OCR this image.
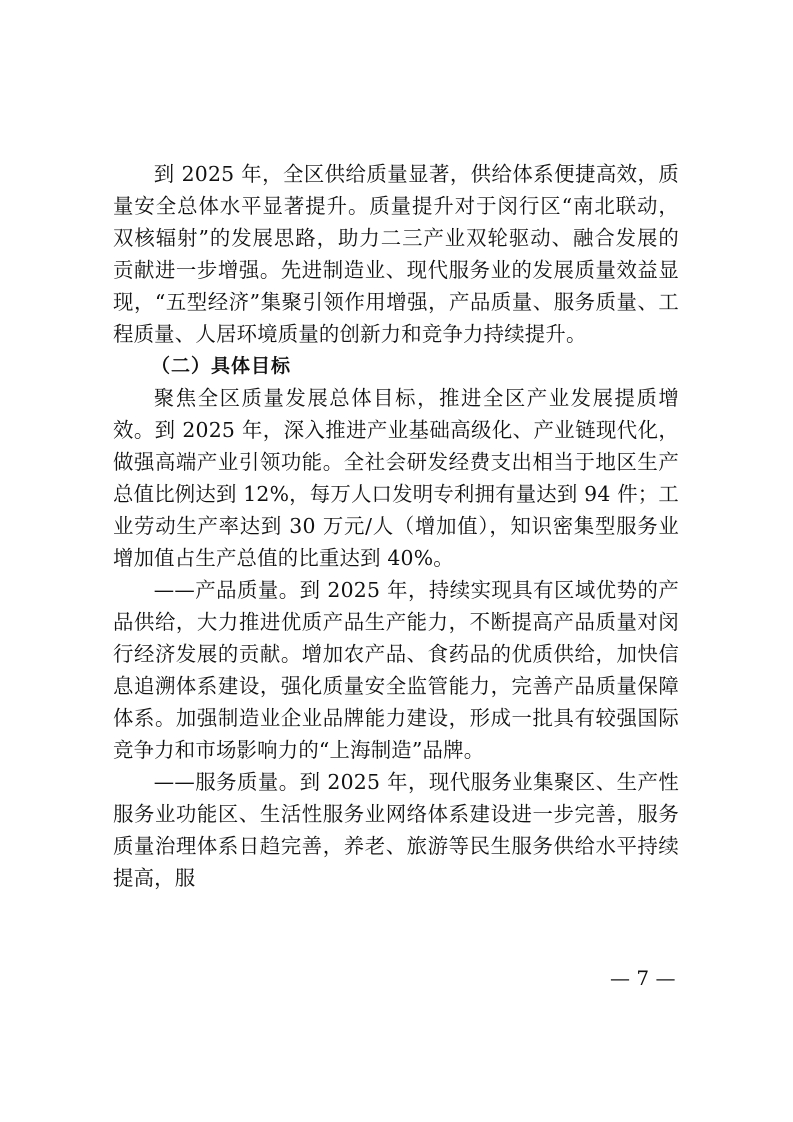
到 2025 年，全区供给质量显著，供给体系便捷高效，质量安全总体水平显著提升。质量提升对于闵行区“南北联动，双核辐射”的发展思路，助力二三产业双轮驱动、融合发展的贡献进一步增强。先进制造业、现代服务业的发展质量效益显现，“五型经济”集聚引领作用增强，产品质量、服务质量、工程质量、人居环境质量的创新力和竞争力持续提升。

（二）具体目标

聚焦全区质量发展总体目标，推进全区产业发展提质增效。到 2025 年，深入推进产业基础高级化、产业链现代化，做强高端产业引领功能。全社会研发经费支出相当于地区生产总值比例达到 12%，每万人口发明专利拥有量达到 94 件；工业劳动生产率达到 30 万元/人（增加值），知识密集型服务业增加值占生产总值的比重达到 40%。

——产品质量。到 2025 年，持续实现具有区域优势的产品供给，大力推进优质产品生产能力，不断提高产品质量对闵行经济发展的贡献。增加农产品、食药品的优质供给，加快信息追溯体系建设，强化质量安全监管能力，完善产品质量保障体系。加强制造业企业品牌能力建设，形成一批具有较强国际竞争力和市场影响力的“上海制造”品牌。

——服务质量。到 2025 年，现代服务业集聚区、生产性服务业功能区、生活性服务业网络体系建设进一步完善，服务质量治理体系日趋完善，养老、旅游等民生服务供给水平持续提高，服

— 7 —
